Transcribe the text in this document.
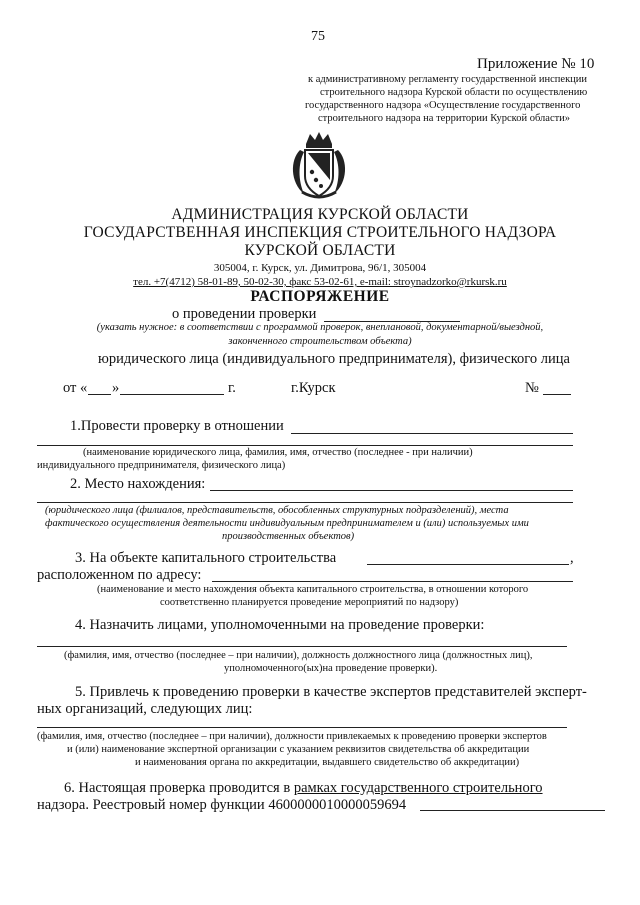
75
Приложение № 10
к административному регламенту государственной инспекции
строительного надзора Курской области по осуществлению
государственного надзора «Осуществление государственного
строительного надзора на территории Курской области»
АДМИНИСТРАЦИЯ КУРСКОЙ ОБЛАСТИ
ГОСУДАРСТВЕННАЯ ИНСПЕКЦИЯ СТРОИТЕЛЬНОГО НАДЗОРА
КУРСКОЙ ОБЛАСТИ
305004, г. Курск, ул. Димитрова, 96/1, 305004
тел. +7(4712) 58-01-89, 50-02-30, факс 53-02-61, e-mail: stroynadzorko@rkursk.ru
РАСПОРЯЖЕНИЕ
о проведении проверки
(указать нужное: в соответствии с программой проверок, внеплановой, документарной/выездной,
законченного строительством объекта)
юридического лица (индивидуального предпринимателя), физического лица
от « »	г.	г.Курск	№
1.Провести проверку в отношении
(наименование юридического лица, фамилия, имя, отчество (последнее - при наличии)
индивидуального предпринимателя, физического лица)
2. Место нахождения:
(юридического лица (филиалов, представительств, обособленных структурных подразделений), места
фактического осуществления деятельности индивидуальным предпринимателем и (или) используемых ими
производственных объектов)
3. На объекте капитального строительства	,
расположенном по адресу:
(наименование и место нахождения объекта капитального строительства, в отношении которого
соответственно планируется проведение мероприятий по надзору)
4. Назначить лицами, уполномоченными на проведение проверки:
(фамилия, имя, отчество (последнее – при наличии), должность должностного лица (должностных лиц),
уполномоченного(ых)на проведение проверки).
5. Привлечь к проведению проверки в качестве экспертов представителей эксперт-
ных организаций, следующих лиц:
(фамилия, имя, отчество (последнее – при наличии), должности привлекаемых к проведению проверки экспертов
и (или) наименование экспертной организации с указанием реквизитов свидетельства об аккредитации
и наименования органа по аккредитации, выдавшего свидетельство об аккредитации)
6. Настоящая проверка проводится в рамках государственного строительного
надзора. Реестровый номер функции 4600000010000059694
